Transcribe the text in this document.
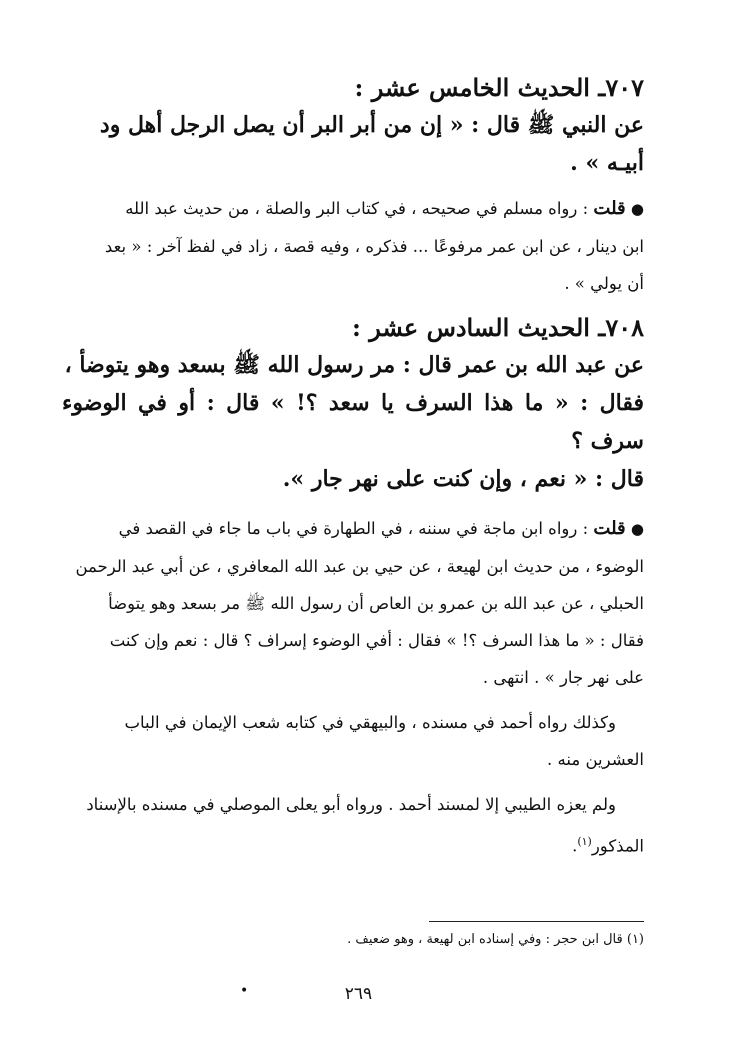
٧٠٧ـ الحديث الخامس عشر :

عن النبي ﷺ قال : « إن من أبر البر أن يصل الرجل أهل ود

أبيـه » .

● قلت : رواه مسلم في صحيحه ، في كتاب البر والصلة ، من حديث عبد الله

ابن دينار ، عن ابن عمر مرفوعًا ... فذكره ، وفيه قصة ، زاد في لفظ آخر : « بعد

أن يولي » .

٧٠٨ـ الحديث السادس عشر :

عن عبد الله بن عمر قال : مر رسول الله ﷺ بسعد وهو يتوضأ ،

فقال : « ما هذا السرف يا سعد ؟! » قال : أو في الوضوء سرف ؟

قال : « نعم ، وإن كنت على نهر جار ».

● قلت : رواه ابن ماجة في سننه ، في الطهارة في باب ما جاء في القصد في

الوضوء ، من حديث ابن لهيعة ، عن حيي بن عبد الله المعافري ، عن أبي عبد الرحمن

الحبلي ، عن عبد الله بن عمرو بن العاص أن رسول الله ﷺ مر بسعد وهو يتوضأ

فقال : « ما هذا السرف ؟! » فقال : أفي الوضوء إسراف ؟ قال : نعم وإن كنت

على نهر جار » . انتهى .

وكذلك رواه أحمد في مسنده ، والبيهقي في كتابه شعب الإيمان في الباب

العشرين منه .

ولم يعزه الطيبي إلا لمسند أحمد . ورواه أبو يعلى الموصلي في مسنده بالإسناد

المذكور$^{(١)}$.

(١) قال ابن حجر : وفي إسناده ابن لهيعة ، وهو ضعيف .
•	٢٦٩
